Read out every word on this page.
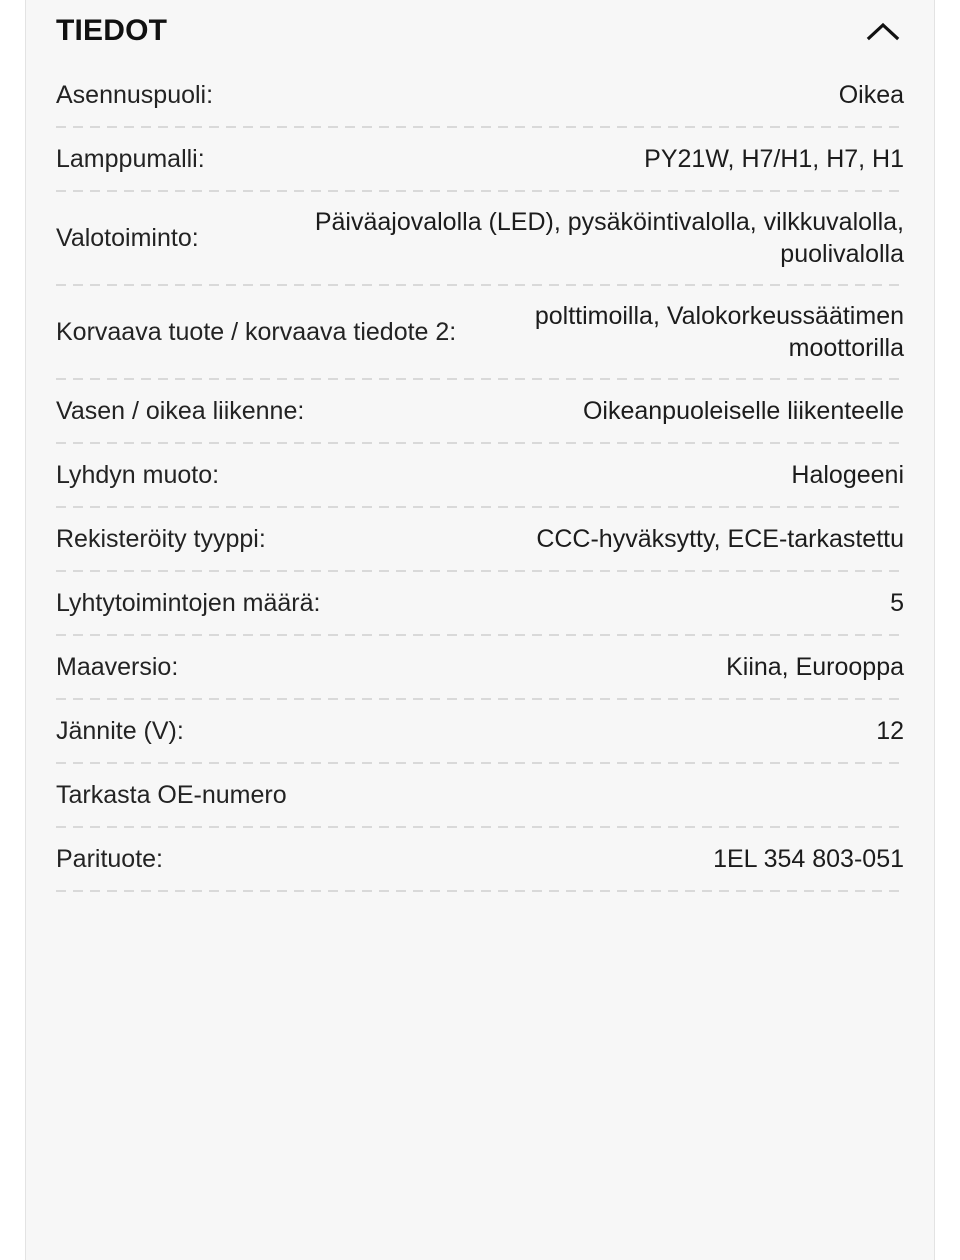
TIEDOT
Asennuspuoli:	Oikea
Lamppumalli:	PY21W, H7/H1, H7, H1
Valotoiminto:
Päiväajovalolla (LED), pysäköintivalolla, vilkkuvalolla, puolivalolla
Korvaava tuote / korvaava tiedote 2:
polttimoilla, Valokorkeussäätimen moottorilla
Vasen / oikea liikenne:	Oikeanpuoleiselle liikenteelle
Lyhdyn muoto:	Halogeeni
Rekisteröity tyyppi:	CCC-hyväksytty, ECE-tarkastettu
Lyhtytoimintojen määrä:	5
Maaversio:	Kiina, Eurooppa
Jännite (V):	12
Tarkasta OE-numero
Parituote:	1EL 354 803-051
